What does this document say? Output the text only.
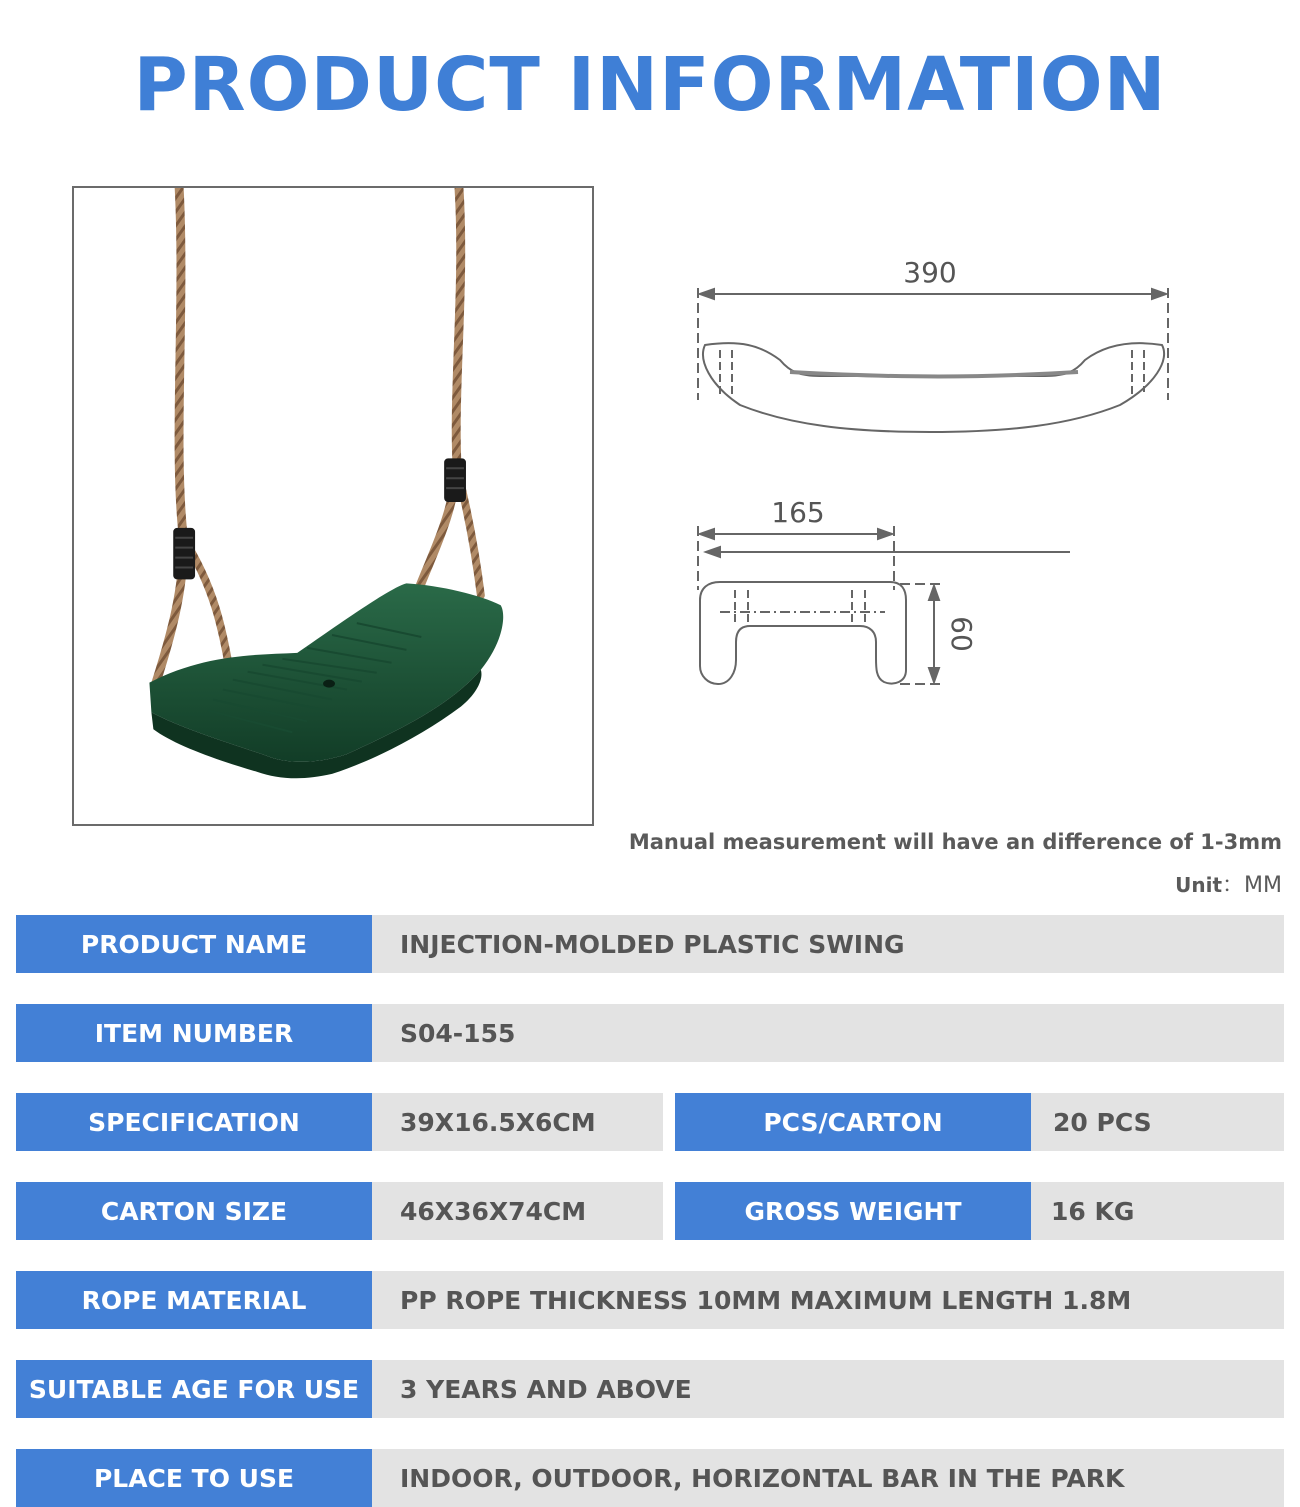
PRODUCT INFORMATION
390
165
60
Manual measurement will have an difference of 1-3mm
Unit：MM
PRODUCT NAME	INJECTION-MOLDED PLASTIC SWING
ITEM NUMBER	S04-155
SPECIFICATION	39X16.5X6CM	PCS/CARTON	20 PCS
CARTON SIZE	46X36X74CM	GROSS WEIGHT	16 KG
ROPE MATERIAL	PP ROPE THICKNESS 10MM MAXIMUM LENGTH 1.8M
SUITABLE AGE FOR USE	3 YEARS AND ABOVE
PLACE TO USE	INDOOR, OUTDOOR, HORIZONTAL BAR IN THE PARK
